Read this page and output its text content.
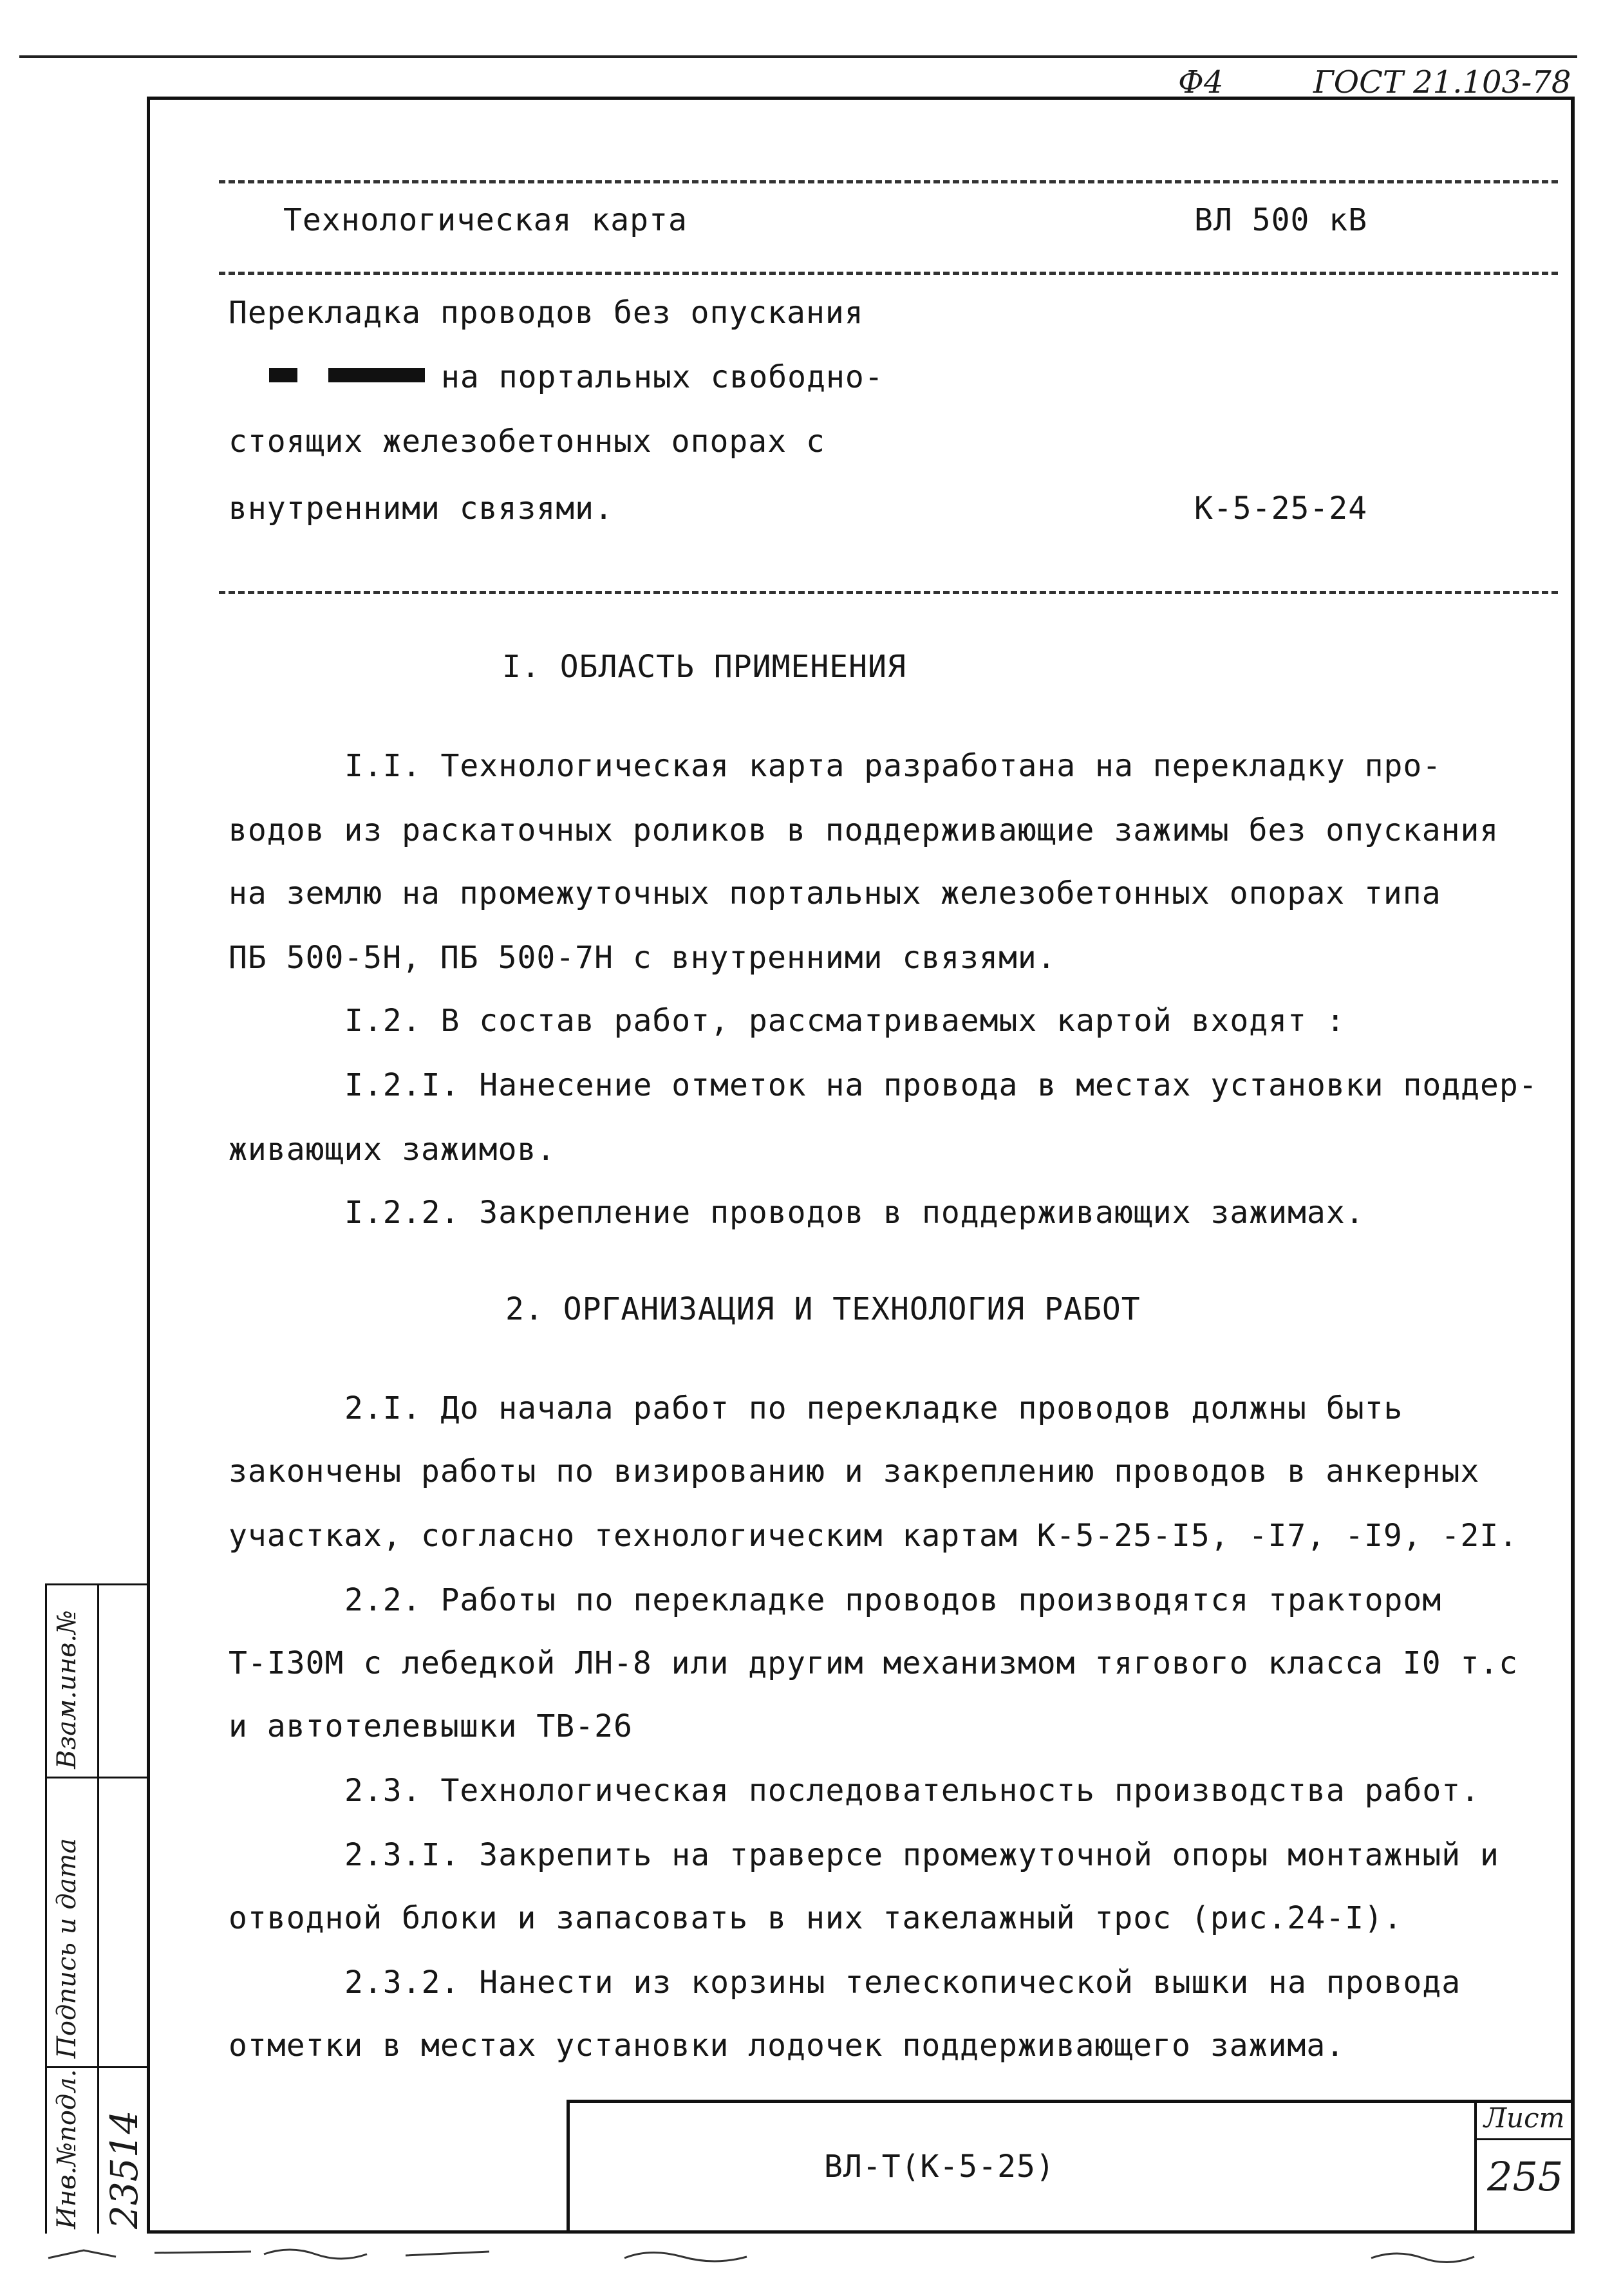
Ф4	ГОСТ 21.103-78
Технологическая карта	ВЛ 500 кВ
Перекладка проводов без опускания
на портальных свободно-
стоящих железобетонных опорах с
внутренними связями.	К-5-25-24
I. ОБЛАСТЬ ПРИМЕНЕНИЯ
I.I. Технологическая карта разработана на перекладку про-
водов из раскаточных роликов в поддерживающие зажимы без опускания
на землю на промежуточных портальных железобетонных опорах типа
ПБ 500-5Н, ПБ 500-7Н с внутренними связями.
I.2. В состав работ, рассматриваемых картой входят :
I.2.I. Нанесение отметок на провода в местах установки поддер-
живающих зажимов.
I.2.2. Закрепление проводов в поддерживающих зажимах.
2. ОРГАНИЗАЦИЯ И ТЕХНОЛОГИЯ РАБОТ
2.I. До начала работ по перекладке проводов должны быть
закончены работы по визированию и закреплению проводов в анкерных
участках, согласно технологическим картам К-5-25-I5, -I7, -I9, -2I.
2.2. Работы по перекладке проводов производятся трактором
Т-I30М с лебедкой ЛН-8 или другим механизмом тягового класса I0 т.с
и автотелевышки ТВ-26
2.3. Технологическая последовательность производства работ.
2.3.I. Закрепить на траверсе промежуточной опоры монтажный и
отводной блоки и запасовать в них такелажный трос (рис.24-I).
2.3.2. Нанести из корзины телескопической вышки на провода
отметки в местах установки лодочек поддерживающего зажима.
ВЛ-Т(К-5-25)
Лист
255
Взам.инв.№
Подпись и дата
Инв.№подл. 23514
